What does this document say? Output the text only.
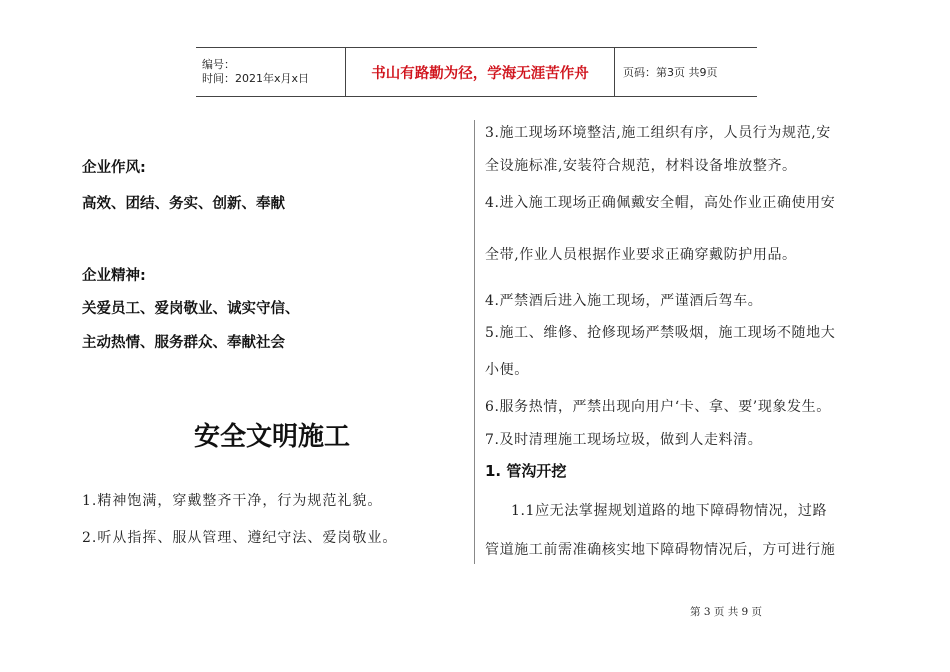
编号：
时间：2021年x月x日	书山有路勤为径，学海无涯苦作舟	页码：第3页 共9页
企业作风:
高效、团结、务实、创新、奉献
企业精神:
关爱员工、爱岗敬业、诚实守信、
主动热情、服务群众、奉献社会
安全文明施工
1.精神饱满，穿戴整齐干净，行为规范礼貌。
2.听从指挥、服从管理、遵纪守法、爱岗敬业。
3.施工现场环境整洁,施工组织有序，人员行为规范,安
全设施标准,安装符合规范，材料设备堆放整齐。
4.进入施工现场正确佩戴安全帽，高处作业正确使用安
全带,作业人员根据作业要求正确穿戴防护用品。
4.严禁酒后进入施工现场，严谨酒后驾车。
5.施工、维修、抢修现场严禁吸烟，施工现场不随地大
小便。
6.服务热情，严禁出现向用户‘卡、拿、要’现象发生。
7.及时清理施工现场垃圾，做到人走料清。
1. 管沟开挖
1.1应无法掌握规划道路的地下障碍物情况，过路
管道施工前需准确核实地下障碍物情况后，方可进行施
第 3 页 共 9 页
